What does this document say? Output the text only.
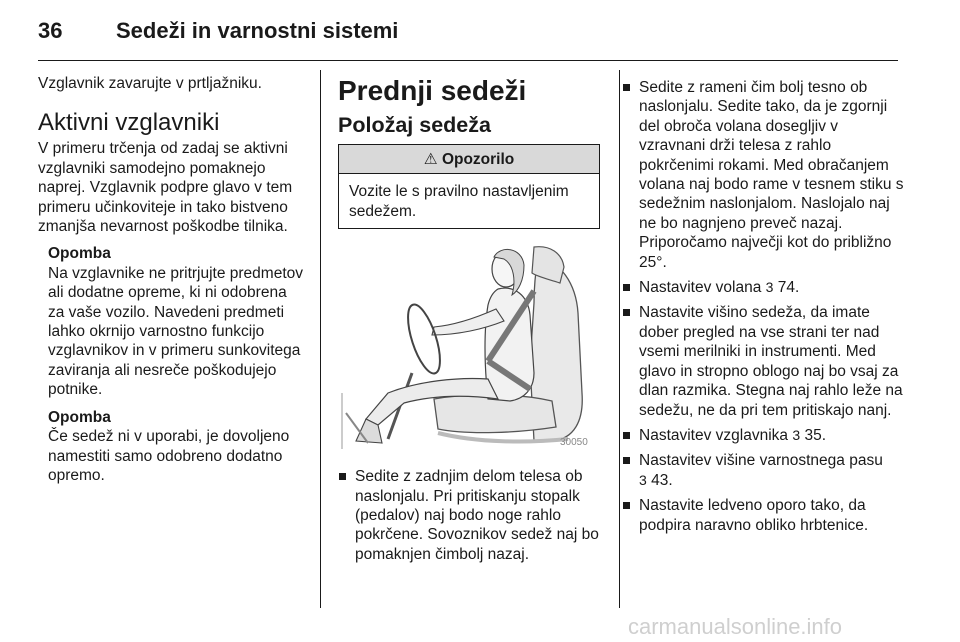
36 Sedeži in varnostni sistemi

Vzglavnik zavarujte v prtljažniku.

Aktivni vzglavniki

V primeru trčenja od zadaj se aktivni vzglavniki samodejno pomaknejo naprej. Vzglavnik podpre glavo v tem primeru učinkoviteje in tako bistveno zmanjša nevarnost poškodbe tilnika.

Opomba
Na vzglavnike ne pritrjujte predmetov ali dodatne opreme, ki ni odobrena za vaše vozilo. Navedeni predmeti lahko okrnijo varnostno funkcijo vzglavnikov in v primeru sunkovitega zaviranja ali nesreče poškodujejo potnike.
Opomba
Če sedež ni v uporabi, je dovoljeno namestiti samo odobreno dodatno opremo.
Prednji sedeži
Položaj sedeža
⚠ Opozorilo
Vozite le s pravilno nastavljenim sedežem.
30050
Sedite z zadnjim delom telesa ob naslonjalu. Pri pritiskanju stopalk (pedalov) naj bodo noge rahlo pokrčene. Sovoznikov sedež naj bo pomaknjen čimbolj nazaj.
Sedite z rameni čim bolj tesno ob naslonjalu. Sedite tako, da je zgornji del obroča volana dosegljiv v vzravnani drži telesa z rahlo pokrčenimi rokami. Med obračanjem volana naj bodo rame v tesnem stiku s sedežnim naslonjalom. Naslojalo naj ne bo nagnjeno preveč nazaj. Priporočamo največji kot do približno 25°.
Nastavitev volana 3 74.
Nastavite višino sedeža, da imate dober pregled na vse strani ter nad vsemi merilniki in instrumenti. Med glavo in stropno oblogo naj bo vsaj za dlan razmika. Stegna naj rahlo leže na sedežu, ne da pri tem pritiskajo nanj.
Nastavitev vzglavnika 3 35.
Nastavitev višine varnostnega pasu
3 43.
Nastavite ledveno oporo tako, da podpira naravno obliko hrbtenice.
carmanualsonline.info
